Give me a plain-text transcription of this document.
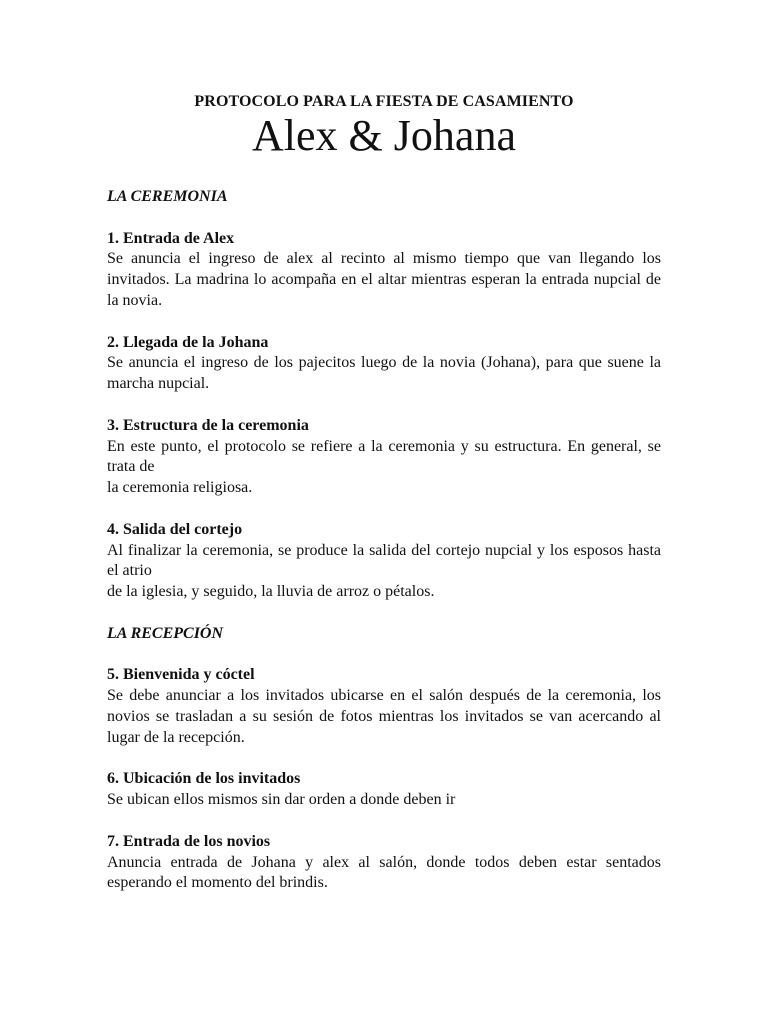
PROTOCOLO PARA LA FIESTA DE CASAMIENTO

Alex & Johana
LA CEREMONIA

1. Entrada de Alex

Se anuncia el ingreso de alex al recinto al mismo tiempo que van llegando los invitados. La madrina lo acompaña en el altar mientras esperan la entrada nupcial de la novia.

2. Llegada de la Johana

Se anuncia el ingreso de los pajecitos luego de la novia (Johana), para que suene la marcha nupcial.

3. Estructura de la ceremonia

En este punto, el protocolo se refiere a la ceremonia y su estructura. En general, se trata de
la ceremonia religiosa.

4. Salida del cortejo

Al finalizar la ceremonia, se produce la salida del cortejo nupcial y los esposos hasta el atrio
de la iglesia, y seguido, la lluvia de arroz o pétalos.

LA RECEPCIÓN

5. Bienvenida y cóctel

Se debe anunciar a los invitados ubicarse en el salón después de la ceremonia, los novios se trasladan a su sesión de fotos mientras los invitados se van acercando al lugar de la recepción.

6. Ubicación de los invitados

Se ubican ellos mismos sin dar orden a donde deben ir

7. Entrada de los novios

Anuncia entrada de Johana y alex al salón, donde todos deben estar sentados esperando el momento del brindis.
